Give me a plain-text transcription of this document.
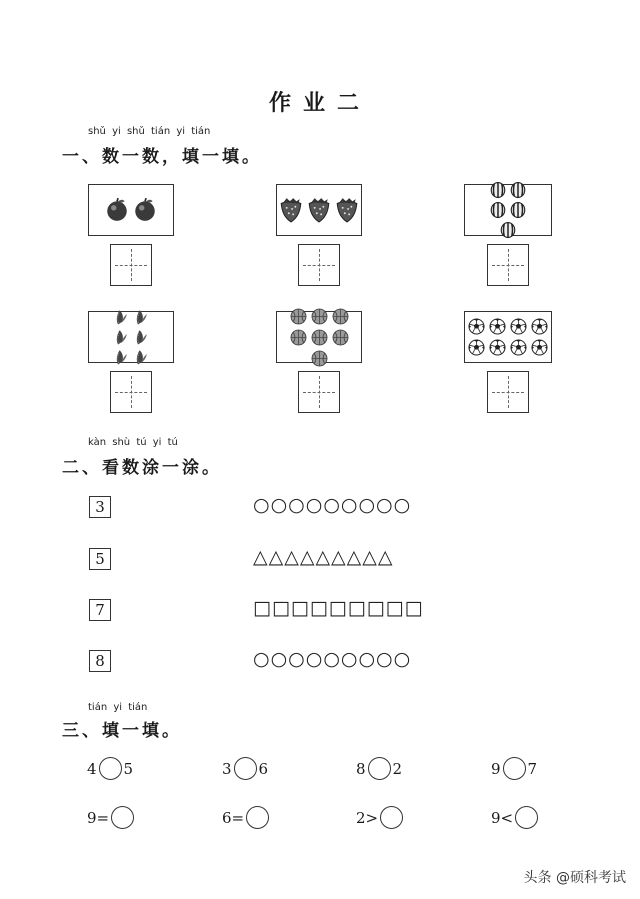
作业二
shǔ yi shǔ tián yi tián
一、数一数，填一填。
kàn shù tú yi tú
二、看数涂一涂。
3	○○○○○○○○○
5	△△△△△△△△△
7	□□□□□□□□□
8	○○○○○○○○○
tián yi tián
三、填一填。
4 5	3 6	8 2	9 7
9 =	6 =	2 >	9 <
头条 @硕科考试
